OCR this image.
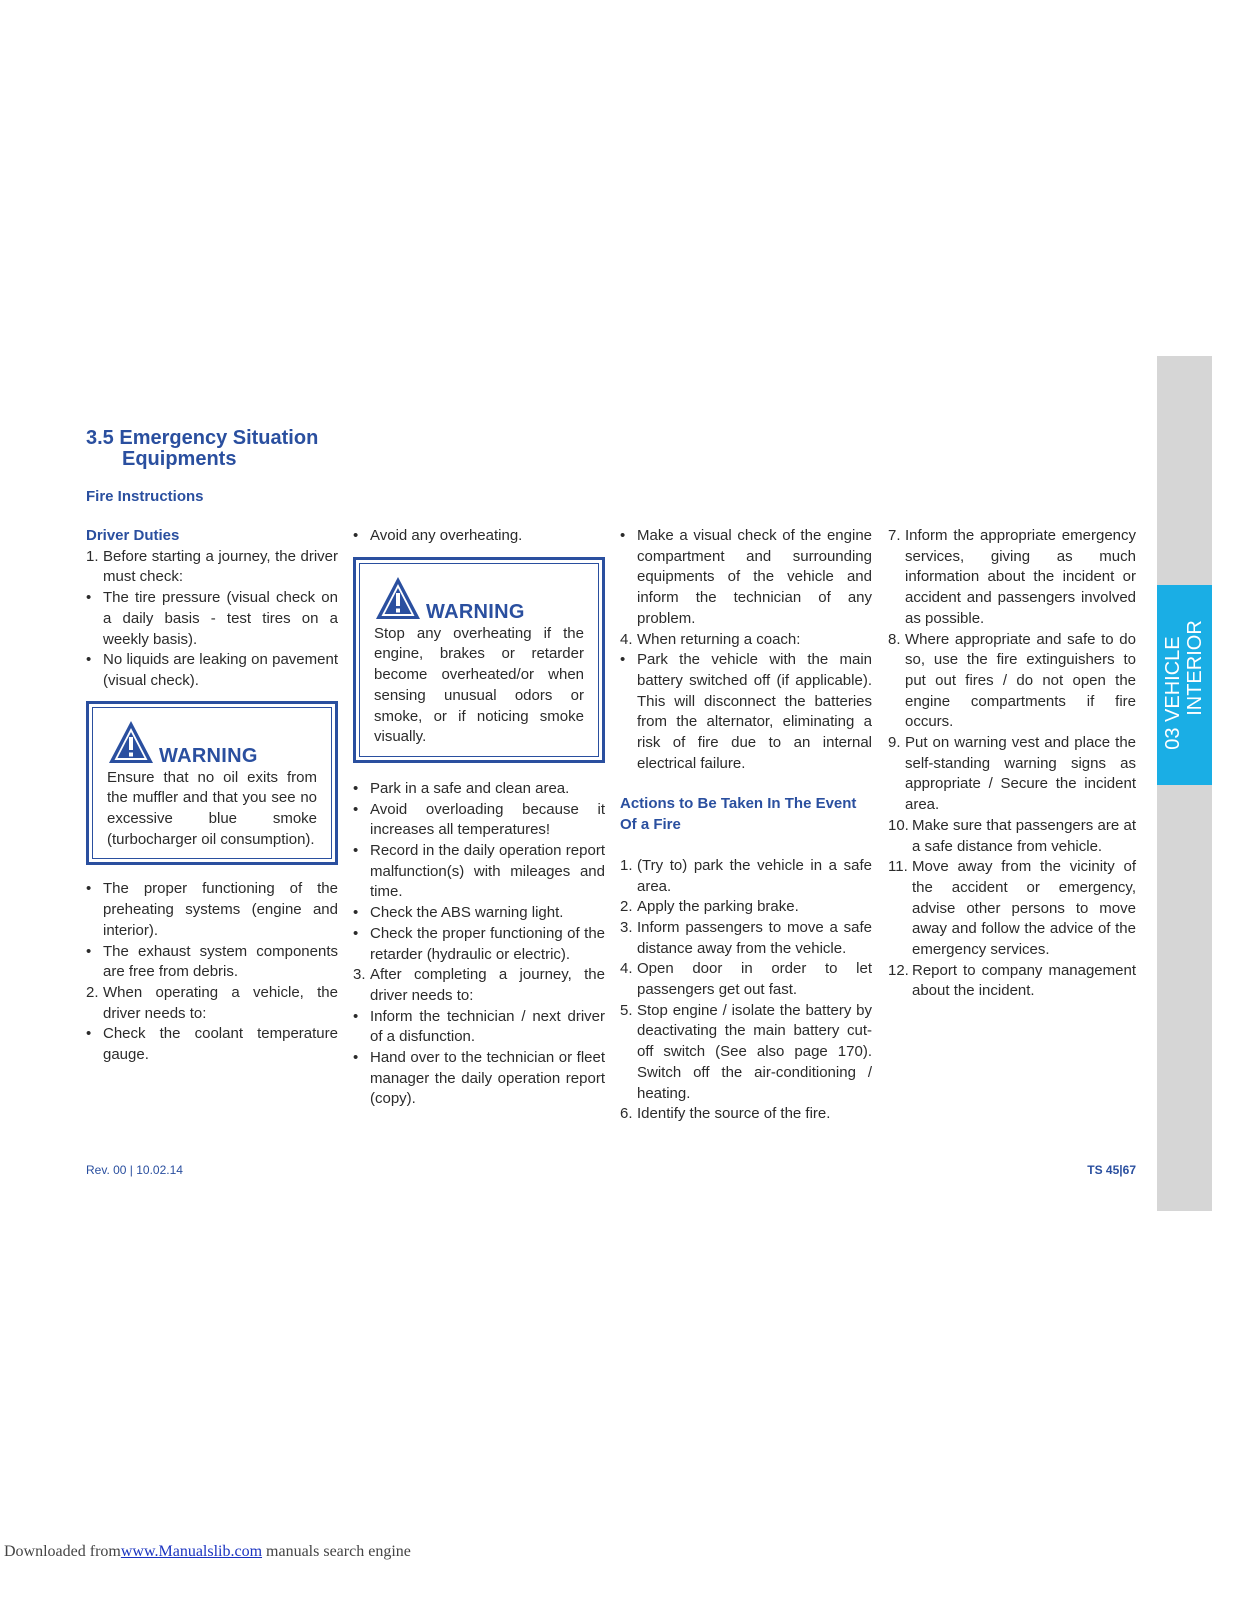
3.5 Emergency Situation
Equipments
Fire Instructions

Driver Duties

1. Before starting a journey, the driver must check:

• The tire pressure (visual check on a daily basis - test tires on a weekly basis).

• No liquids are leaking on pavement (visual check).

WARNING

Ensure that no oil exits from the muffler and that you see no excessive blue smoke (turbocharger oil consumption).

• The proper functioning of the preheating systems (engine and interior).

• The exhaust system components are free from debris.

2. When operating a vehicle, the driver needs to:

• Check the coolant temperature gauge.

• Avoid any overheating.

WARNING

Stop any overheating if the engine, brakes or retarder become overheated/or when sensing unusual odors or smoke, or if noticing smoke visually.

• Park in a safe and clean area.

• Avoid overloading because it increases all temperatures!

• Record in the daily operation report malfunction(s) with mileages and time.

• Check the ABS warning light.

• Check the proper functioning of the retarder (hydraulic or electric).

3. After completing a journey, the driver needs to:

• Inform the technician / next driver of a disfunction.

• Hand over to the technician or fleet manager the daily operation report (copy).

• Make a visual check of the engine compartment and surrounding equipments of the vehicle and inform the technician of any problem.

4. When returning a coach:

• Park the vehicle with the main battery switched off (if applicable). This will disconnect the batteries from the alternator, eliminating a risk of fire due to an internal electrical failure.

Actions to Be Taken In The Event Of a Fire

1. (Try to) park the vehicle in a safe area.

2. Apply the parking brake.

3. Inform passengers to move a safe distance away from the vehicle.

4. Open door in order to let passengers get out fast.

5. Stop engine / isolate the battery by deactivating the main battery cut-off switch (See also page 170). Switch off the air-conditioning / heating.

6. Identify the source of the fire.

7. Inform the appropriate emergency services, giving as much information about the incident or accident and passengers involved as possible.

8. Where appropriate and safe to do so, use the fire extinguishers to put out fires / do not open the engine compartments if fire occurs.

9. Put on warning vest and place the self-standing warning signs as appropriate / Secure the incident area.

10. Make sure that passengers are at a safe distance from vehicle.

11. Move away from the vicinity of the accident or emergency, advise other persons to move away and follow the advice of the emergency services.

12. Report to company management about the incident.

03 VEHICLE INTERIOR
Rev. 00 | 10.02.14	TS 45|67
Downloaded fromwww.Manualslib.com manuals search engine
